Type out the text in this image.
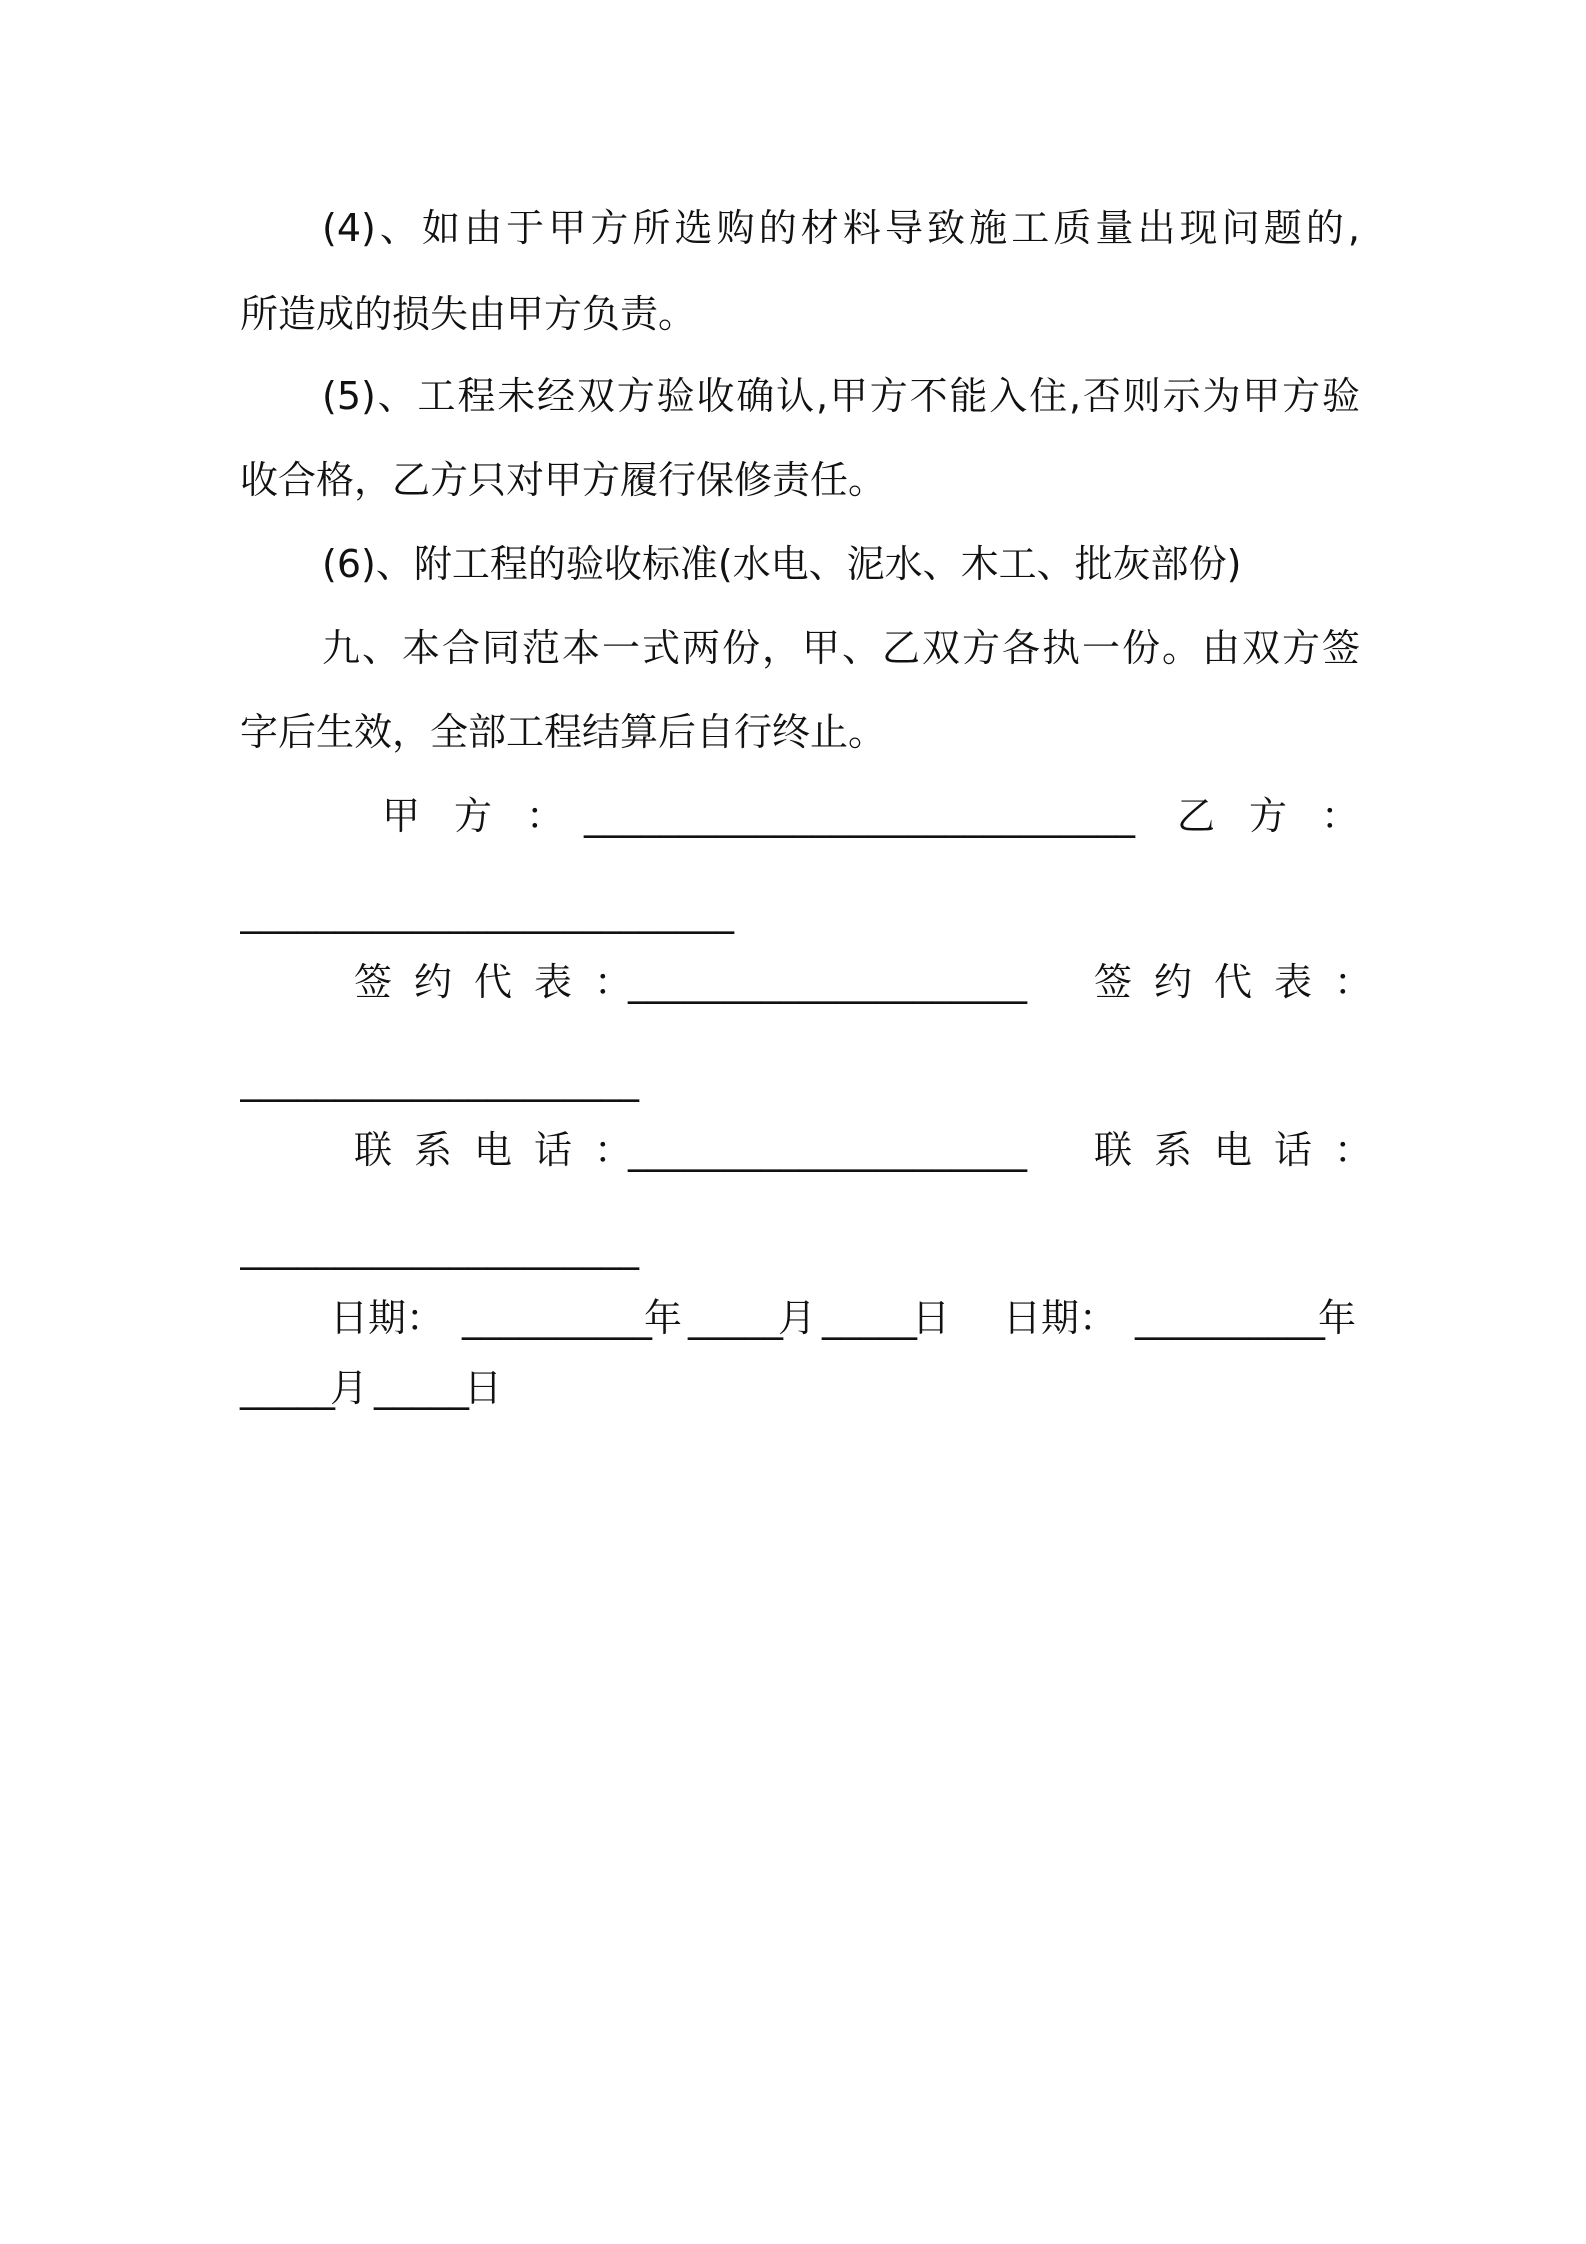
(4)、如由于甲方所选购的材料导致施工质量出现问题的,
所造成的损失由甲方负责。
(5)、工程未经双方验收确认,甲方不能入住,否则示为甲方验
收合格，乙方只对甲方履行保修责任。
(6)、附工程的验收标准(水电、泥水、木工、批灰部份)
九、本合同范本一式两份，甲、乙双方各执一份。由双方签
字后生效，全部工程结算后自行终止。
甲方：
_____________________________ 乙方：
__________________________
签约代表：
_____________________ 签约代表：
_____________________
联系电话：
_____________________ 联系电话：
_____________________
日期： __________
年 _____
月 _____
日 日期： __________
年
_____
月 _____
日
